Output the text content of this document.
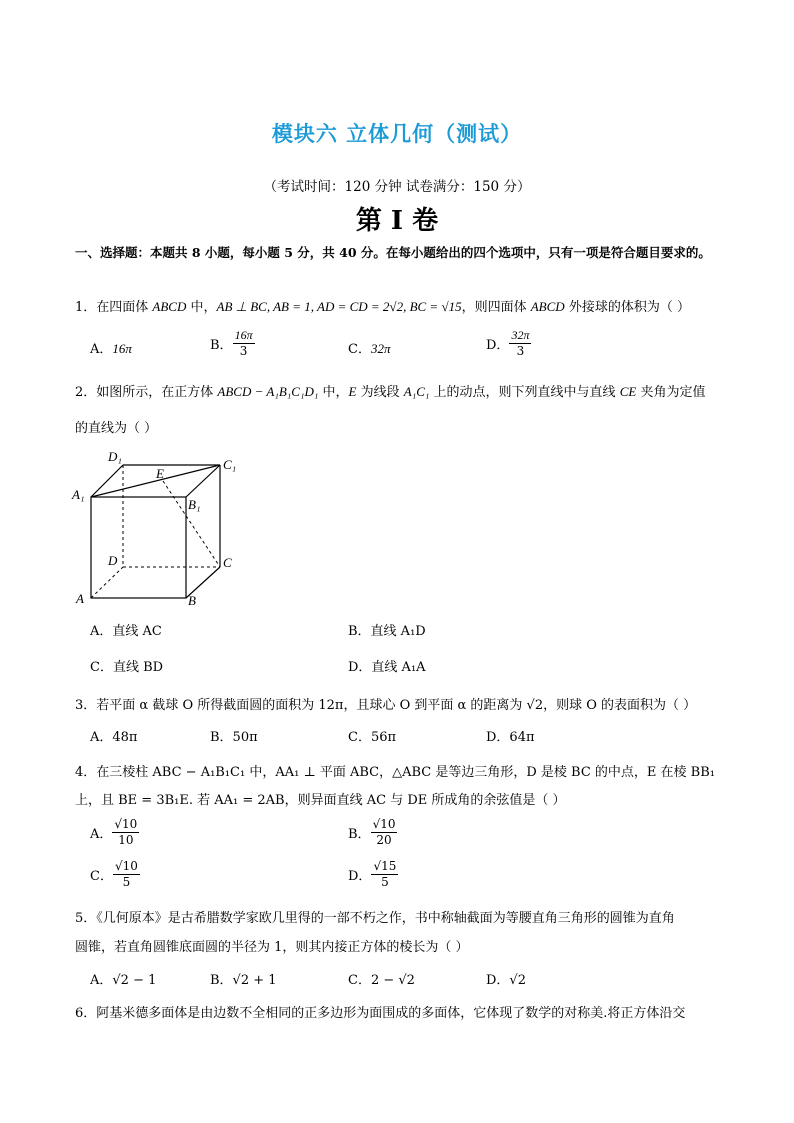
模块六 立体几何（测试）
（考试时间：120 分钟 试卷满分：150 分）
第 I 卷
一、选择题：本题共 8 小题，每小题 5 分，共 40 分。在每小题给出的四个选项中，只有一项是符合题目要求的。
1．在四面体 ABCD 中，AB ⊥ BC, AB = 1, AD = CD = 2√2, BC = √15，则四面体 ABCD 外接球的体积为（ ）
A．16π	B． $\frac{16\pi}{3}$	C．32π	D． $\frac{32\pi}{3}$
2．如图所示，在正方体 ABCD − A₁B₁C₁D₁ 中，E 为线段 A₁C₁ 上的动点，则下列直线中与直线 CE 夹角为定值
的直线为（ ）
D₁
C₁
E
A₁
B₁
D	C
A	B
A．直线 AC	B．直线 A₁D
C．直线 BD	D．直线 A₁A
3．若平面 α 截球 O 所得截面圆的面积为 12π，且球心 O 到平面 α 的距离为 √2，则球 O 的表面积为（ ）
A．48π	B．50π	C．56π	D．64π
4．在三棱柱 ABC − A₁B₁C₁ 中，AA₁ ⊥ 平面 ABC，△ABC 是等边三角形，D 是棱 BC 的中点，E 在棱 BB₁
上，且 BE = 3B₁E. 若 AA₁ = 2AB，则异面直线 AC 与 DE 所成角的余弦值是（ ）
A． $\frac{√10}{10}$	B． $\frac{√10}{20}$
C． $\frac{√10}{5}$	D． $\frac{√15}{5}$
5．《几何原本》是古希腊数学家欧几里得的一部不朽之作，书中称轴截面为等腰直角三角形的圆锥为直角
圆锥，若直角圆锥底面圆的半径为 1，则其内接正方体的棱长为（ ）
A．√2 − 1	B．√2 + 1	C．2 − √2	D．√2
6．阿基米德多面体是由边数不全相同的正多边形为面围成的多面体，它体现了数学的对称美.将正方体沿交
